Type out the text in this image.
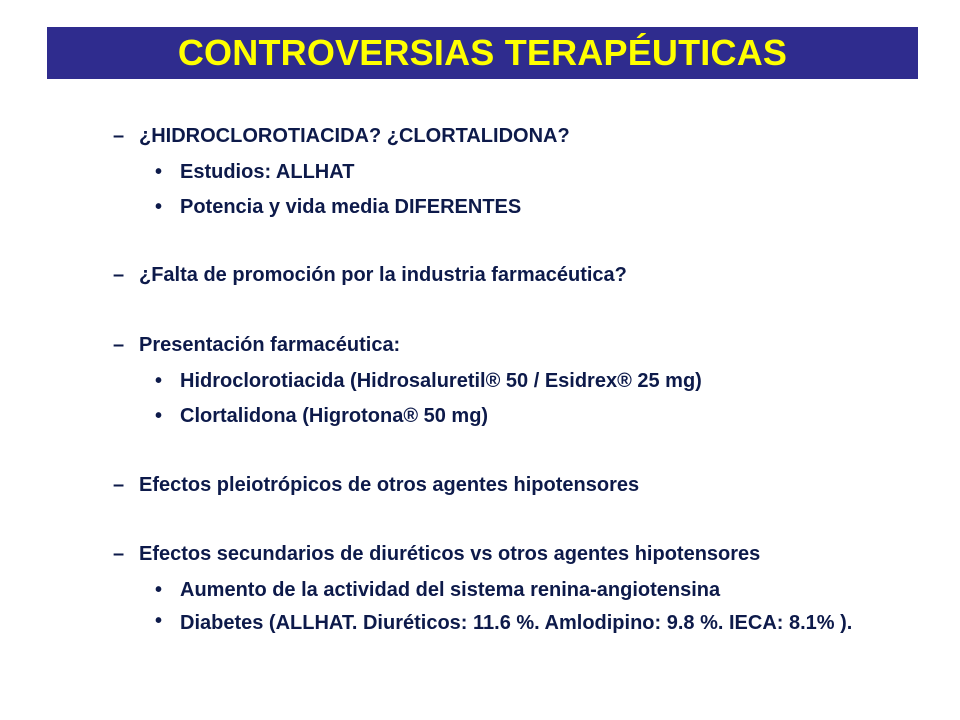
CONTROVERSIAS TERAPÉUTICAS
– ¿HIDROCLOROTIACIDA? ¿CLORTALIDONA?
• Estudios: ALLHAT
• Potencia y vida media DIFERENTES
– ¿Falta de promoción por la industria farmacéutica?
– Presentación farmacéutica:
• Hidroclorotiacida (Hidrosaluretil® 50 / Esidrex® 25 mg)
• Clortalidona (Higrotona® 50 mg)
– Efectos pleiotrópicos de otros agentes hipotensores
– Efectos secundarios de diuréticos vs otros agentes hipotensores
• Aumento de la actividad del sistema renina-angiotensina
• Diabetes (ALLHAT. Diuréticos: 11.6 %. Amlodipino: 9.8 %. IECA: 8.1% ).
